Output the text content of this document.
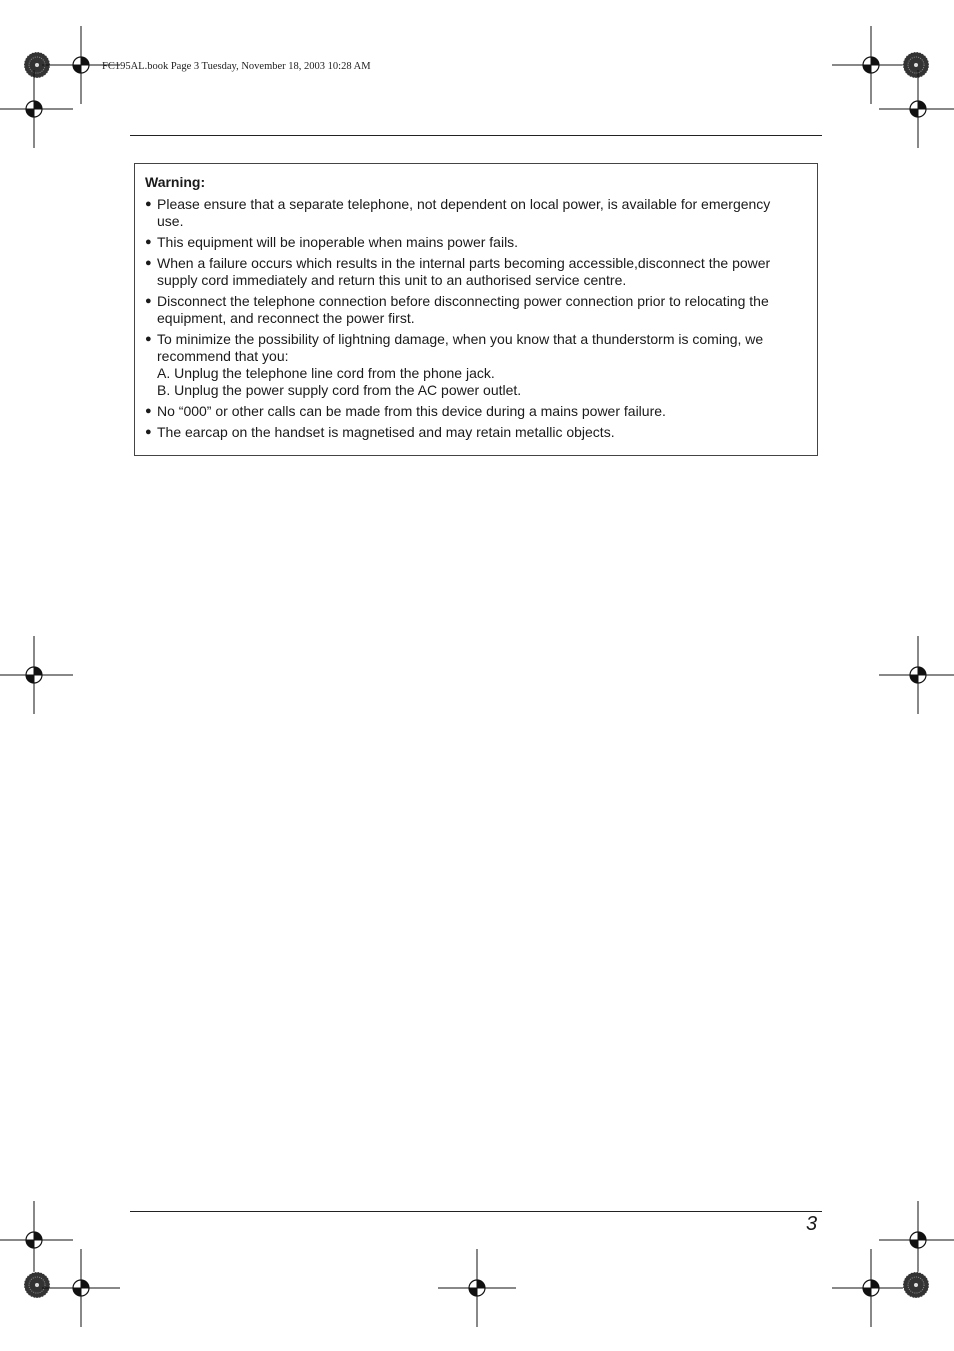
FC195AL.book Page 3 Tuesday, November 18, 2003 10:28 AM
Warning:
● Please ensure that a separate telephone, not dependent on local power, is available for emergency use.
● This equipment will be inoperable when mains power fails.
● When a failure occurs which results in the internal parts becoming accessible,disconnect the power supply cord immediately and return this unit to an authorised service centre.
● Disconnect the telephone connection before disconnecting power connection prior to relocating the equipment, and reconnect the power first.
● To minimize the possibility of lightning damage, when you know that a thunderstorm is coming, we recommend that you:
A. Unplug the telephone line cord from the phone jack.
B. Unplug the power supply cord from the AC power outlet.
● No “000” or other calls can be made from this device during a mains power failure.
● The earcap on the handset is magnetised and may retain metallic objects.
3
